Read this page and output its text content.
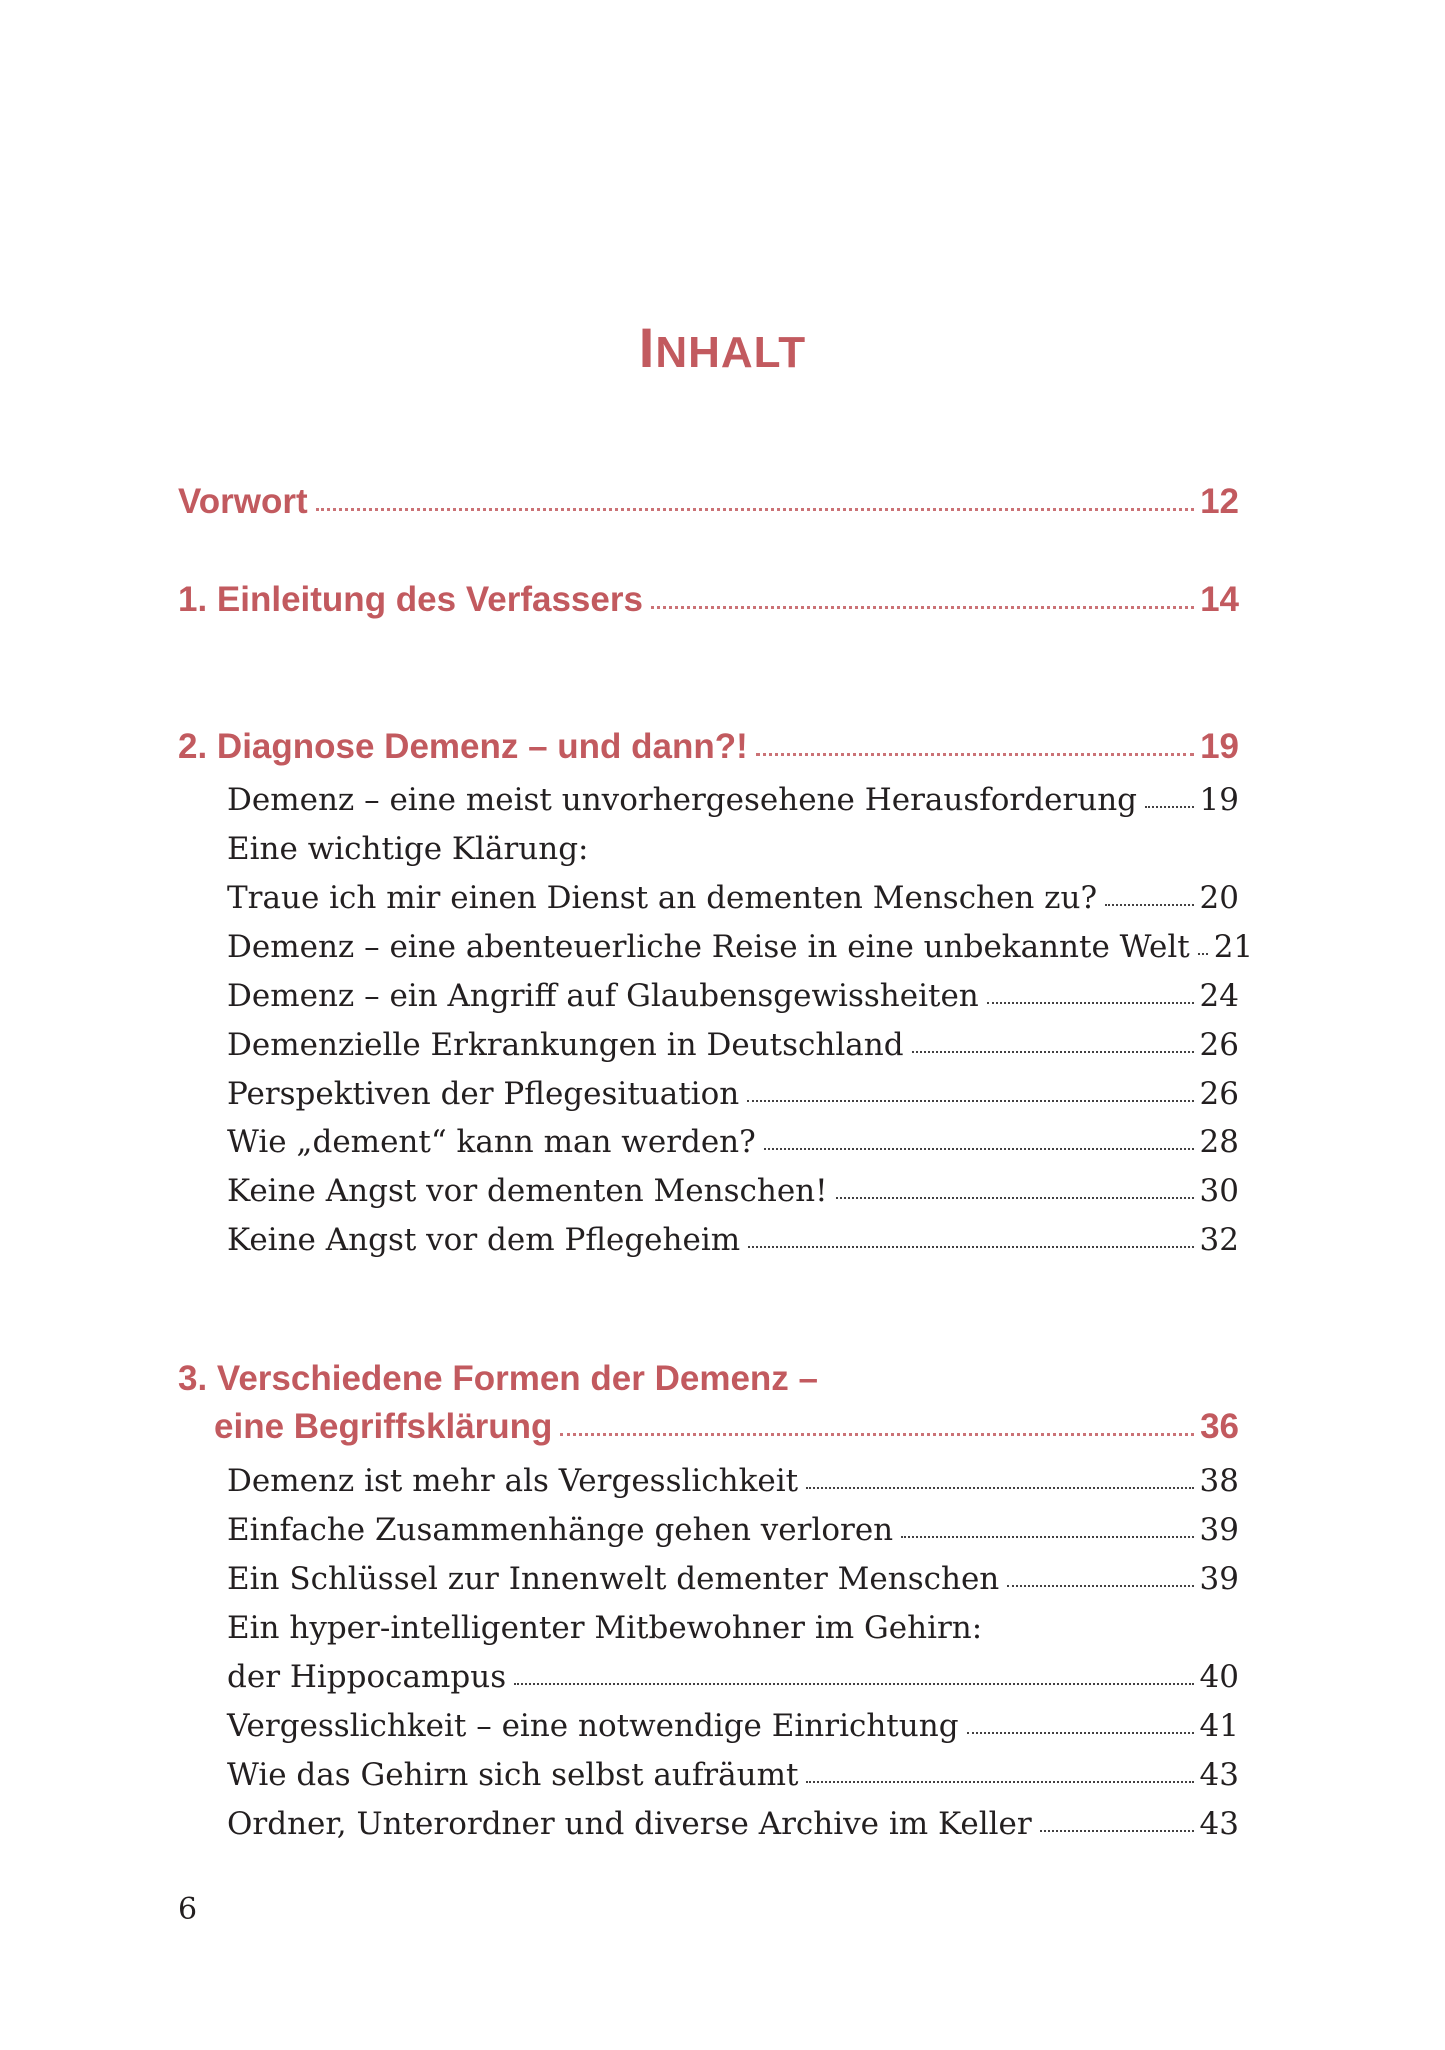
INHALT
Vorwort	12
1. Einleitung des Verfassers	14
2. Diagnose Demenz – und dann?!	19
Demenz – eine meist unvorhergesehene Herausforderung 19
Eine wichtige Klärung:
Traue ich mir einen Dienst an dementen Menschen zu?	20
Demenz – eine abenteuerliche Reise in eine unbekannte Welt 21
Demenz – ein Angriff auf Glaubensgewissheiten	24
Demenzielle Erkrankungen in Deutschland	26
Perspektiven der Pflegesituation	26
Wie „dement“ kann man werden?	28
Keine Angst vor dementen Menschen!	30
Keine Angst vor dem Pflegeheim	32
3. Verschiedene Formen der Demenz –
eine Begriffsklärung	36
Demenz ist mehr als Vergesslichkeit	38
Einfache Zusammenhänge gehen verloren	39
Ein Schlüssel zur Innenwelt dementer Menschen	39
Ein hyper-intelligenter Mitbewohner im Gehirn:
der Hippocampus	40
Vergesslichkeit – eine notwendige Einrichtung	41
Wie das Gehirn sich selbst aufräumt	43
Ordner, Unterordner und diverse Archive im Keller	43
6
